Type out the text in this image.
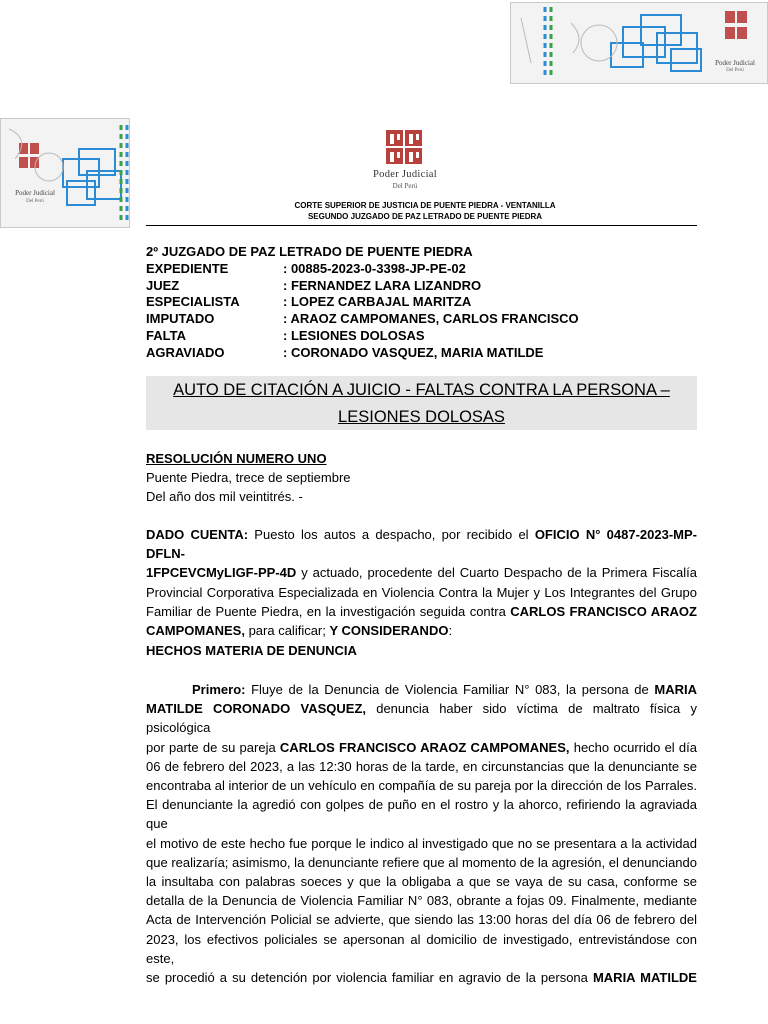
Poder Judicial
Del Perú
Poder Judicial
Del Perú
Poder Judicial
Del Perú
CORTE SUPERIOR DE JUSTICIA DE PUENTE PIEDRA - VENTANILLA
SEGUNDO JUZGADO DE PAZ LETRADO DE PUENTE PIEDRA
2º JUZGADO DE PAZ LETRADO DE PUENTE PIEDRA
EXPEDIENTE	: 00885-2023-0-3398-JP-PE-02
JUEZ	: FERNANDEZ LARA LIZANDRO
ESPECIALISTA	: LOPEZ CARBAJAL MARITZA
IMPUTADO	: ARAOZ CAMPOMANES, CARLOS FRANCISCO
FALTA	: LESIONES DOLOSAS
AGRAVIADO	: CORONADO VASQUEZ, MARIA MATILDE
AUTO DE CITACIÓN A JUICIO - FALTAS CONTRA LA PERSONA –
LESIONES DOLOSAS
RESOLUCIÓN NUMERO UNO
Puente Piedra, trece de septiembre
Del año dos mil veintitrés. -
DADO CUENTA: Puesto los autos a despacho, por recibido el OFICIO N° 0487-2023-MP-DFLN-
1FPCEVCMyLIGF-PP-4D y actuado, procedente del Cuarto Despacho de la Primera Fiscalía
Provincial Corporativa Especializada en Violencia Contra la Mujer y Los Integrantes del Grupo
Familiar de Puente Piedra, en la investigación seguida contra CARLOS FRANCISCO ARAOZ
CAMPOMANES, para calificar; Y CONSIDERANDO:
HECHOS MATERIA DE DENUNCIA
Primero: Fluye de la Denuncia de Violencia Familiar N° 083, la persona de MARIA
MATILDE CORONADO VASQUEZ, denuncia haber sido víctima de maltrato física y psicológica
por parte de su pareja CARLOS FRANCISCO ARAOZ CAMPOMANES, hecho ocurrido el día
06 de febrero del 2023, a las 12:30 horas de la tarde, en circunstancias que la denunciante se
encontraba al interior de un vehículo en compañía de su pareja por la dirección de los Parrales.
El denunciante la agredió con golpes de puño en el rostro y la ahorco, refiriendo la agraviada que
el motivo de este hecho fue porque le indico al investigado que no se presentara a la actividad
que realizaría; asimismo, la denunciante refiere que al momento de la agresión, el denunciando
la insultaba con palabras soeces y que la obligaba a que se vaya de su casa, conforme se
detalla de la Denuncia de Violencia Familiar N° 083, obrante a fojas 09. Finalmente, mediante
Acta de Intervención Policial se advierte, que siendo las 13:00 horas del día 06 de febrero del
2023, los efectivos policiales se apersonan al domicilio de investigado, entrevistándose con este,
se procedió a su detención por violencia familiar en agravio de la persona MARIA MATILDE
